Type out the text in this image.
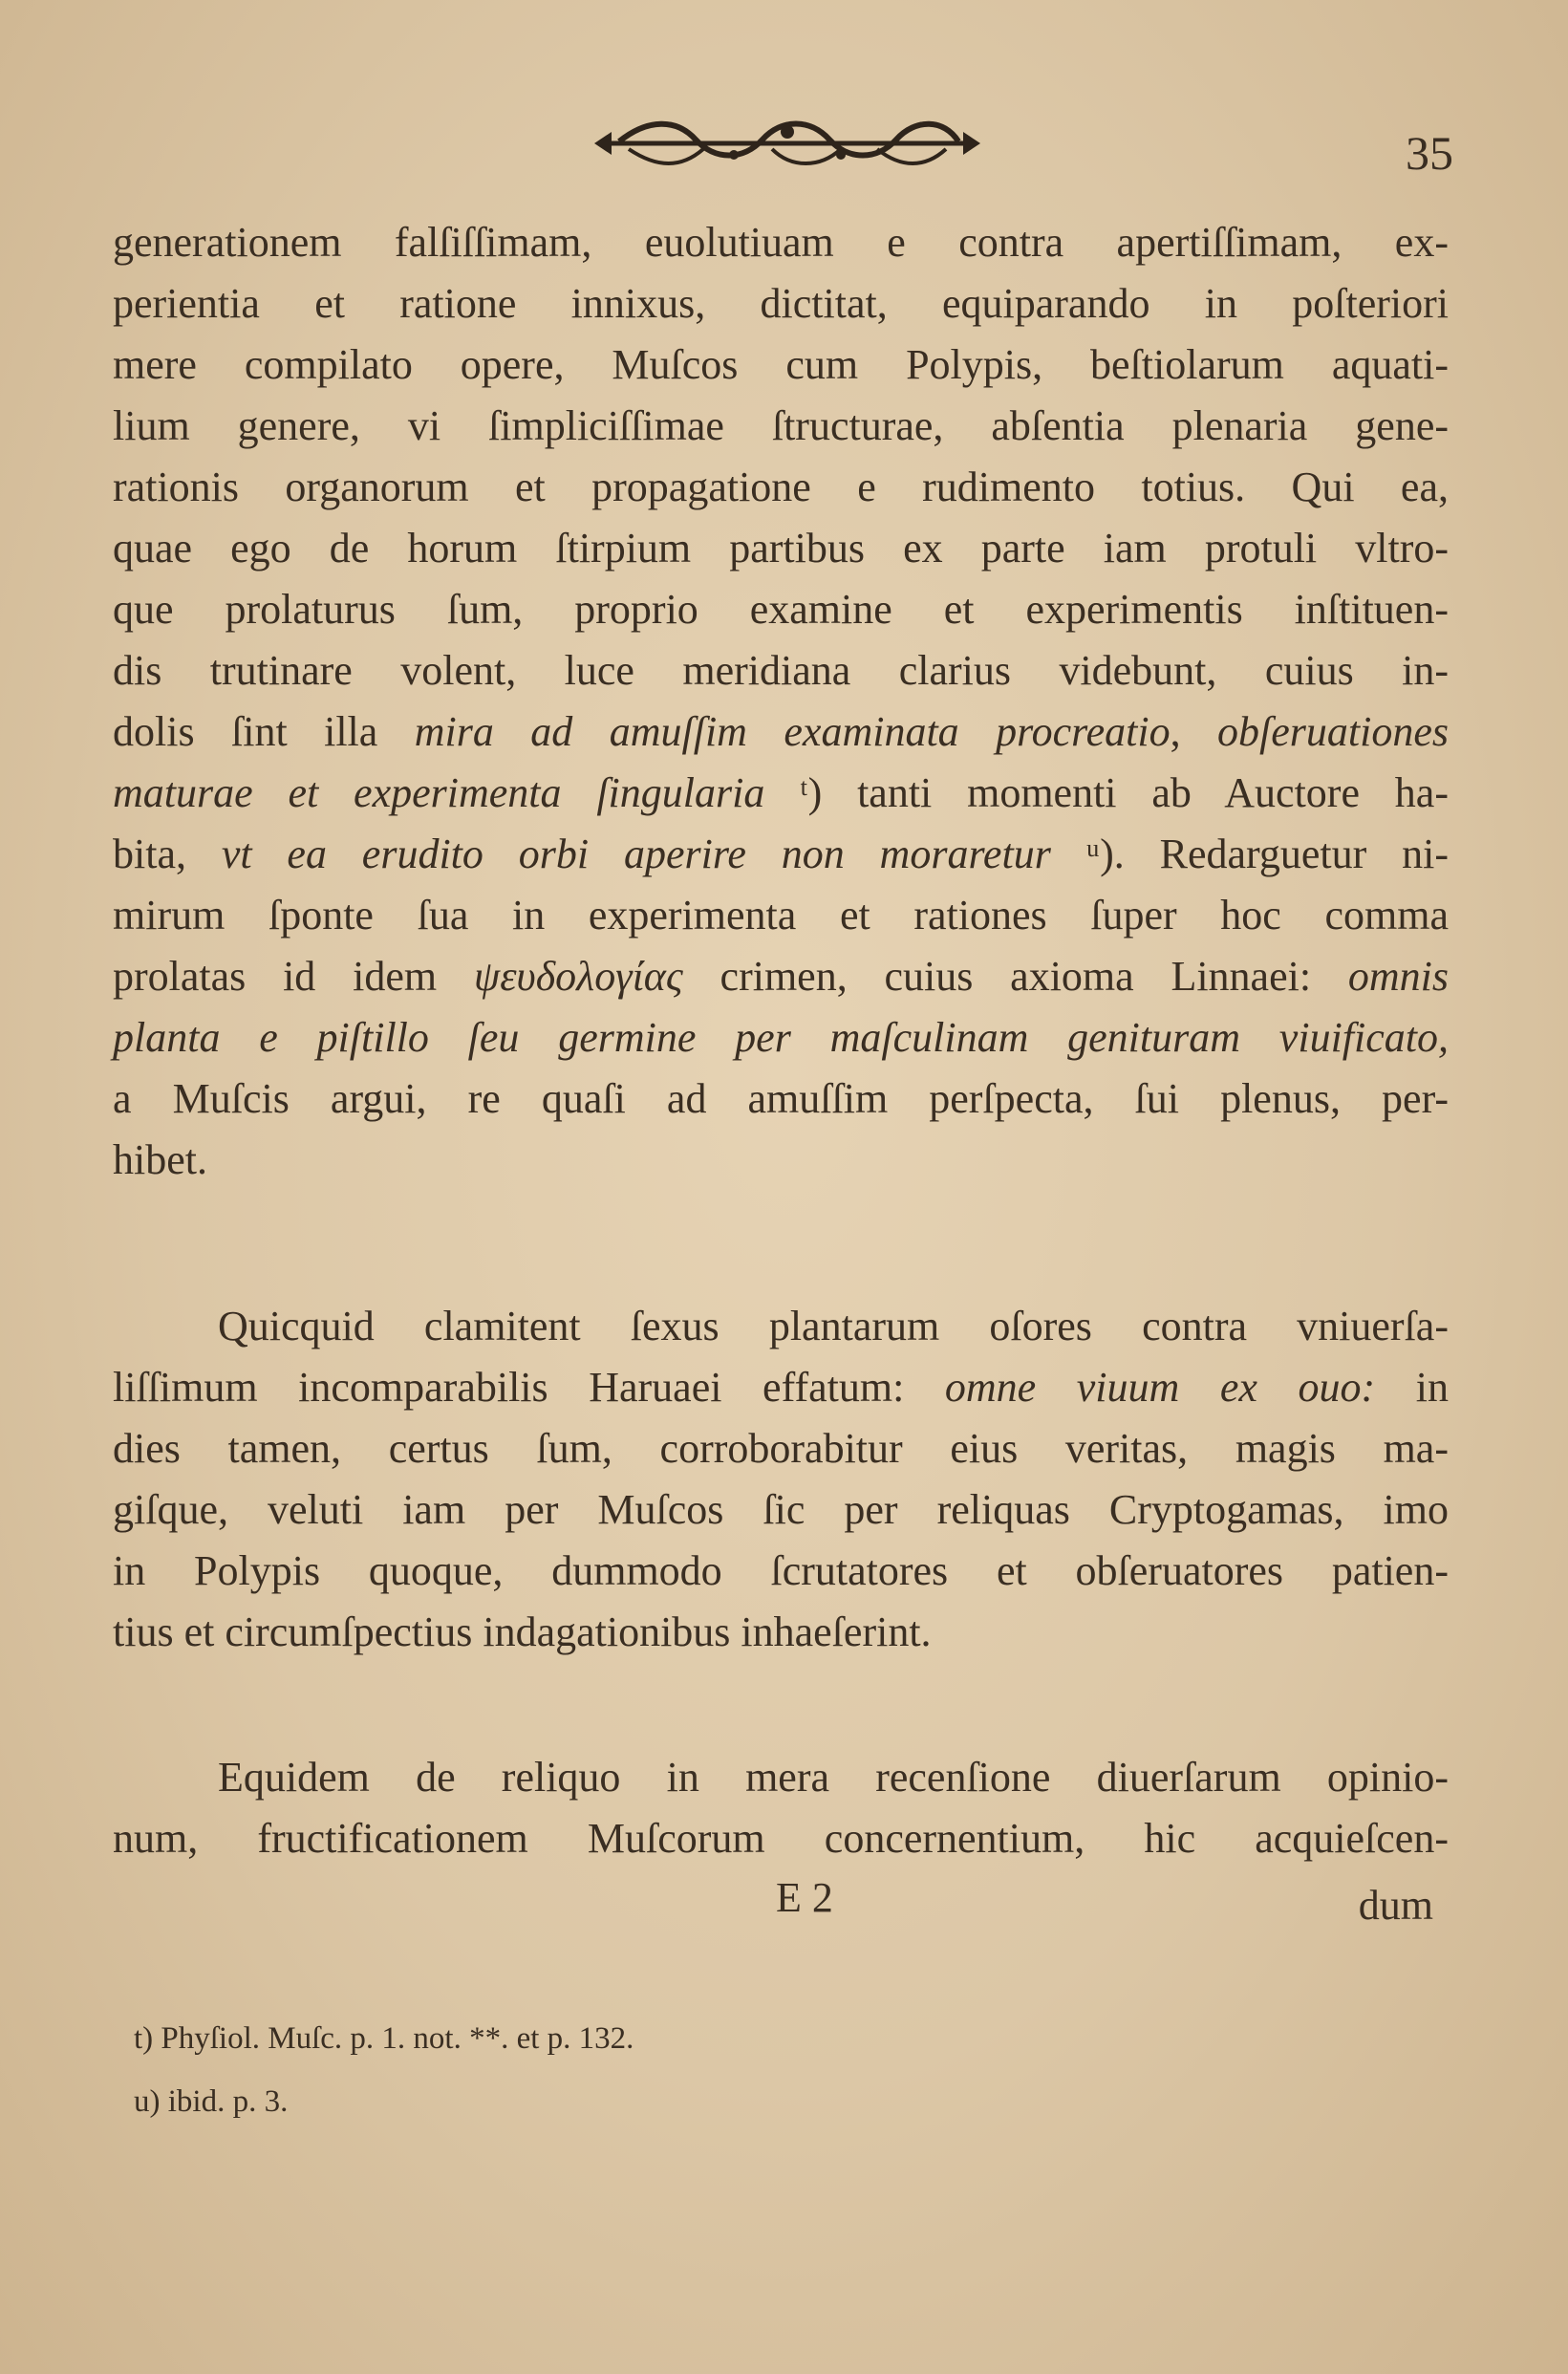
35
generationem falſiſſimam, euolutiuam e contra apertiſſimam, ex-
perientia et ratione innixus, dictitat, equiparando in poſteriori
mere compilato opere, Muſcos cum Polypis, beſtiolarum aquati-
lium genere, vi ſimpliciſſimae ſtructurae, abſentia plenaria gene-
rationis organorum et propagatione e rudimento totius. Qui ea,
quae ego de horum ſtirpium partibus ex parte iam protuli vltro-
que prolaturus ſum, proprio examine et experimentis inſtituen-
dis trutinare volent, luce meridiana clarius videbunt, cuius in-
dolis ſint illa mira ad amuſſim examinata procreatio, obſeruationes
maturae et experimenta ſingularia ᵗ) tanti momenti ab Auctore ha-
bita, vt ea erudito orbi aperire non moraretur ᵘ). Redarguetur ni-
mirum ſponte ſua in experimenta et rationes ſuper hoc comma
prolatas id idem ψευδολογίας crimen, cuius axioma Linnaei: omnis
planta e piſtillo ſeu germine per maſculinam genituram viuificato,
a Muſcis argui, re quaſi ad amuſſim perſpecta, ſui plenus, per-
hibet.
Quicquid clamitent ſexus plantarum oſores contra vniuerſa-
liſſimum incomparabilis Haruaei effatum: omne viuum ex ouo: in
dies tamen, certus ſum, corroborabitur eius veritas, magis ma-
giſque, veluti iam per Muſcos ſic per reliquas Cryptogamas, imo
in Polypis quoque, dummodo ſcrutatores et obſeruatores patien-
tius et circumſpectius indagationibus inhaeſerint.
Equidem de reliquo in mera recenſione diuerſarum opinio-
num, fructificationem Muſcorum concernentium, hic acquieſcen-
E 2	dum
t) Phyſiol. Muſc. p. 1. not. **. et p. 132.
u) ibid. p. 3.
